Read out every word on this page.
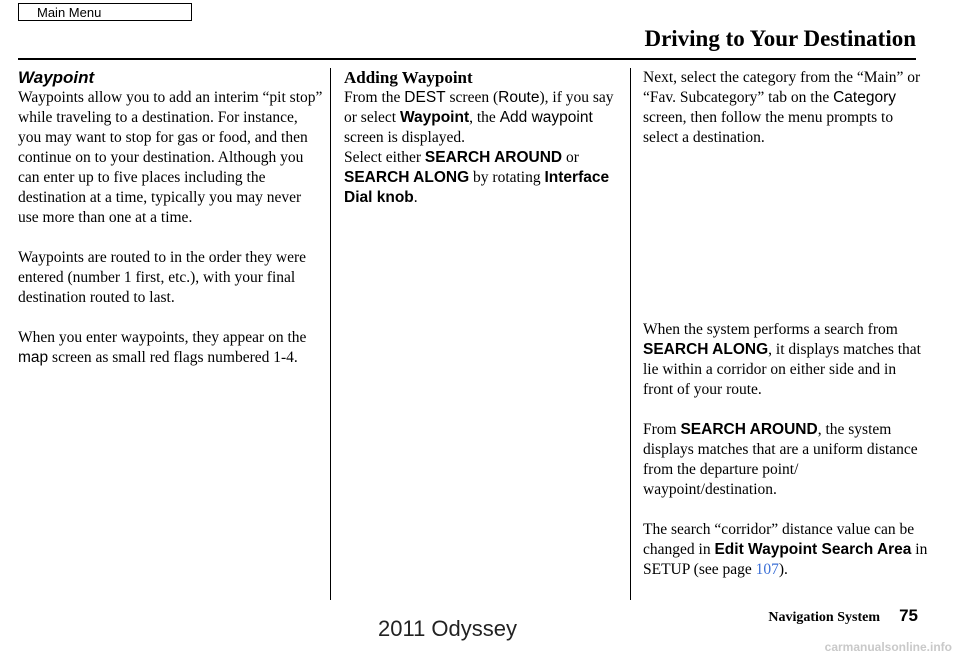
Main Menu
Driving to Your Destination

Waypoint

Waypoints allow you to add an interim “pit stop” while traveling to a destination. For instance, you may want to stop for gas or food, and then continue on to your destination. Although you can enter up to five places including the destination at a time, typically you may never use more than one at a time.

Waypoints are routed to in the order they were entered (number 1 first, etc.), with your final destination routed to last.

When you enter waypoints, they appear on the map screen as small red flags numbered 1-4.

Adding Waypoint

From the DEST screen (Route), if you say or select Waypoint, the Add waypoint screen is displayed.

Select either SEARCH AROUND or SEARCH ALONG by rotating Interface Dial knob.

Next, select the category from the “Main” or “Fav. Subcategory” tab on the Category screen, then follow the menu prompts to select a destination.

When the system performs a search from SEARCH ALONG, it displays matches that lie within a corridor on either side and in front of your route.

From SEARCH AROUND, the system displays matches that are a uniform distance from the departure point/ waypoint/destination.

The search “corridor” distance value can be changed in Edit Waypoint Search Area in SETUP (see page 107).

Navigation System 75
2011 Odyssey
carmanualsonline.info
